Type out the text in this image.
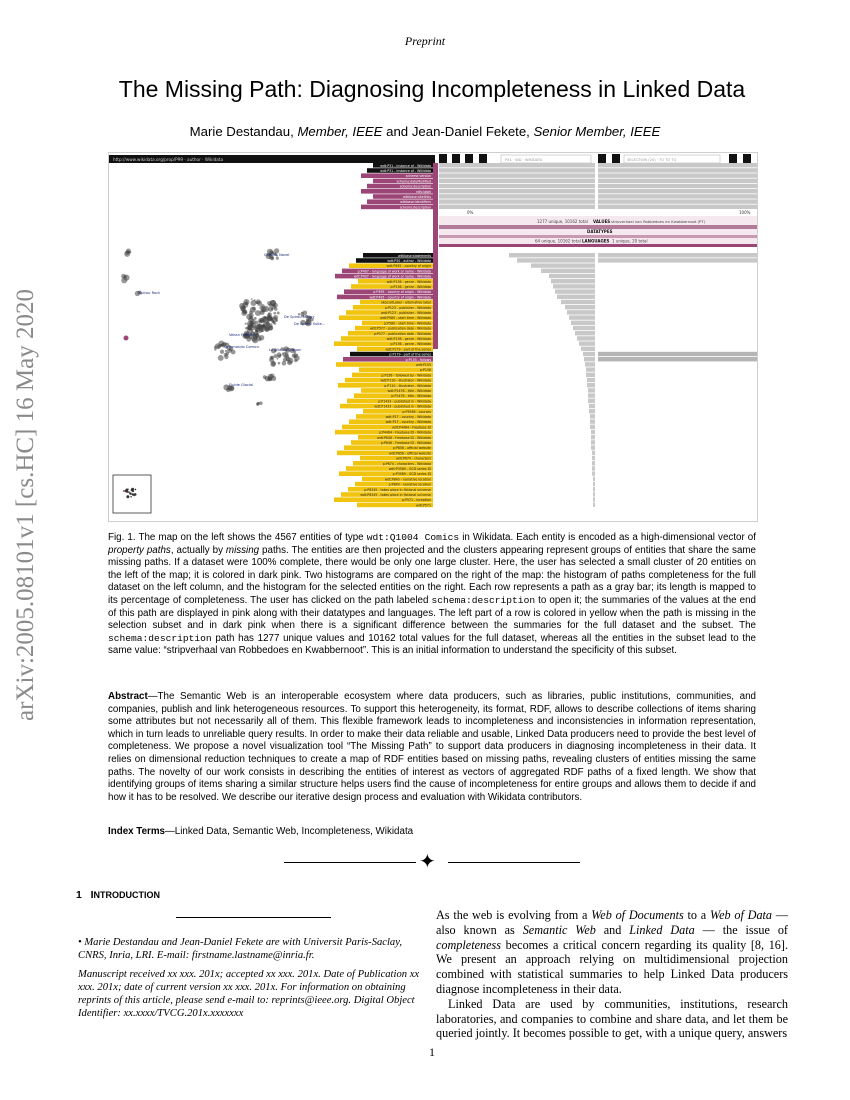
Preprint
The Missing Path: Diagnosing Incompleteness in Linked Data
Marie Destandau, Member, IEEE and Jean-Daniel Fekete, Senior Member, IEEE
arXiv:2005.08101v1 [cs.HC] 16 May 2020
http://www.wikidata.org/prop/P99 · author · Wikidata	P31 · WD · WIKIDATA	SELECTION (20) · TO TO TO
Graphic Novel
De Spirou Trilogy
De Spirou Suite...
Vekan Fantasy
Commando Comics
La Fille du Dragon
Fluide Glacial
Spirou Rock
wdt:P31 - instance of - Wikidata
wdt:P31 - instance of - Wikidata
schema:version
schema:dateModified
schema:description
rdfs:label
wikibase:sitelinks
wikibase:identifiers
schema:description
wikibase:statements
wdt:P50 - author - Wikidata
wdt:P495 - country of origin
p:P407 - language of work or name - Wikidata
wdt:P407 - language of work or name - Wikidata
wdt:P136 - genre - Wikidata
p:P136 - genre - Wikidata
p:P495 - country of origin - Wikidata
wdt:P495 - country of origin - Wikidata
skos:altLabel - alternative label
p:P123 - publisher - Wikidata
wdt:P123 - publisher - Wikidata
wdt:P580 - start time - Wikidata
p:P580 - start time - Wikidata
wdt:P577 - publication date - Wikidata
p:P577 - publication date - Wikidata
wdt:P136 - genre - Wikidata
p:P136 - genre - Wikidata
wdt:P179 - part of the series
p:P179 - part of the series
p:P155 - follows
wdt:P155
p:P156
p:P156 - followed by - Wikidata
wdt:P110 - illustrator - Wikidata
p:P110 - illustrator - Wikidata
wdt:P1476 - title - Wikidata
p:P1476 - title - Wikidata
p:P1433 - published in - Wikidata
wdt:P1433 - published in - Wikidata
p:P3589 - courses
wdt:P17 - country - Wikidata
wdt:P17 - country - Wikidata
wdt:P4464 - Freebase ID
p:P4464 - Freebase ID - Wikidata
wdt:P646 - Freebase ID - Wikidata
p:P646 - Freebase ID - Wikidata
p:P856 - official website
wdt:P856 - official website
wdt:P674 - characters
p:P674 - characters - Wikidata
wdt:P3589 - GCD series ID
p:P3589 - GCD series ID
wdt:P840 - narrative location
p:P840 - narrative location
p:P8345 - takes place in fictional universe
wdt:P8345 - takes place in fictional universe
p:P571 - inception
wdt:P571
0%	100%
1277 unique, 10162 total VALUES stripverhaal van Robbedoes en Kwabbernoot (PT)
DATATYPES
64 unique, 10162 total LANGUAGES 1 unique, 20 total
Fig. 1. The map on the left shows the 4567 entities of type wdt:Q1004 Comics in Wikidata. Each entity is encoded as a high-dimensional vector of property paths, actually by missing paths. The entities are then projected and the clusters appearing represent groups of entities that share the same missing paths. If a dataset were 100% complete, there would be only one large cluster. Here, the user has selected a small cluster of 20 entities on the left of the map; it is colored in dark pink. Two histograms are compared on the right of the map: the histogram of paths completeness for the full dataset on the left column, and the histogram for the selected entities on the right. Each row represents a path as a gray bar; its length is mapped to its percentage of completeness. The user has clicked on the path labeled schema:description to open it; the summaries of the values at the end of this path are displayed in pink along with their datatypes and languages. The left part of a row is colored in yellow when the path is missing in the selection subset and in dark pink when there is a significant difference between the summaries for the full dataset and the subset. The schema:description path has 1277 unique values and 10162 total values for the full dataset, whereas all the entities in the subset lead to the same value: “stripverhaal van Robbedoes en Kwabbernoot”. This is an initial information to understand the specificity of this subset.
Abstract—The Semantic Web is an interoperable ecosystem where data producers, such as libraries, public institutions, communities, and companies, publish and link heterogeneous resources. To support this heterogeneity, its format, RDF, allows to describe collections of items sharing some attributes but not necessarily all of them. This flexible framework leads to incompleteness and inconsistencies in information representation, which in turn leads to unreliable query results. In order to make their data reliable and usable, Linked Data producers need to provide the best level of completeness. We propose a novel visualization tool “The Missing Path” to support data producers in diagnosing incompleteness in their data. It relies on dimensional reduction techniques to create a map of RDF entities based on missing paths, revealing clusters of entities missing the same paths. The novelty of our work consists in describing the entities of interest as vectors of aggregated RDF paths of a fixed length. We show that identifying groups of items sharing a similar structure helps users find the cause of incompleteness for entire groups and allows them to decide if and how it has to be resolved. We describe our iterative design process and evaluation with Wikidata contributors.
Index Terms—Linked Data, Semantic Web, Incompleteness, Wikidata
✦
1 INTRODUCTION
• Marie Destandau and Jean-Daniel Fekete are with Universit Paris-Saclay, CNRS, Inria, LRI. E-mail: firstname.lastname@inria.fr.
Manuscript received xx xxx. 201x; accepted xx xxx. 201x. Date of Publication xx xxx. 201x; date of current version xx xxx. 201x. For information on obtaining reprints of this article, please send e-mail to: reprints@ieee.org. Digital Object Identifier: xx.xxxx/TVCG.201x.xxxxxxx

As the web is evolving from a Web of Documents to a Web of Data — also known as Semantic Web and Linked Data — the issue of completeness becomes a critical concern regarding its quality [8, 16]. We present an approach relying on multidimensional projection combined with statistical summaries to help Linked Data producers diagnose incompleteness in their data.

Linked Data are used by communities, institutions, research laboratories, and companies to combine and share data, and let them be queried jointly. It becomes possible to get, with a unique query, answers

1
